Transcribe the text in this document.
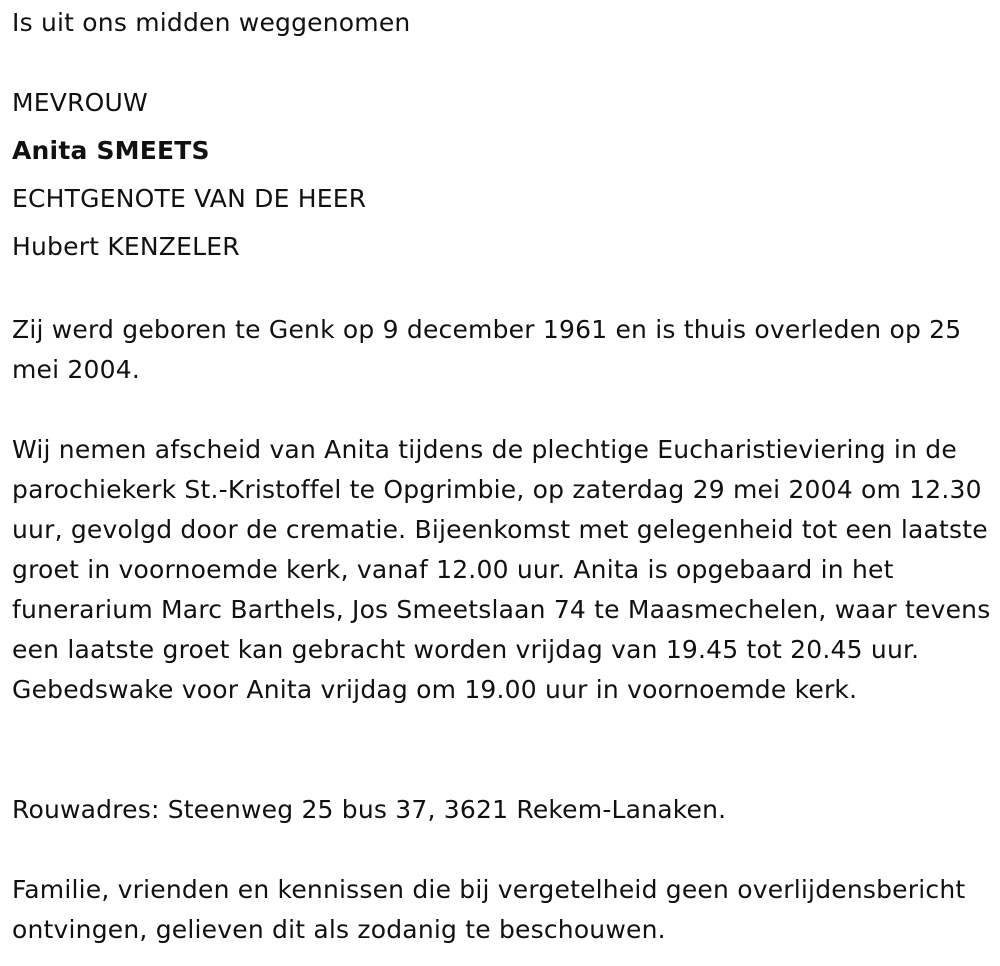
Is uit ons midden weggenomen
MEVROUW
Anita SMEETS
ECHTGENOTE VAN DE HEER
Hubert KENZELER

Zij werd geboren te Genk op 9 december 1961 en is thuis overleden op 25 mei 2004.

Wij nemen afscheid van Anita tijdens de plechtige Eucharistieviering in de parochiekerk St.-Kristoffel te Opgrimbie, op zaterdag 29 mei 2004 om 12.30 uur, gevolgd door de crematie. Bijeenkomst met gelegenheid tot een laatste groet in voornoemde kerk, vanaf 12.00 uur. Anita is opgebaard in het funerarium Marc Barthels, Jos Smeetslaan 74 te Maasmechelen, waar tevens een laatste groet kan gebracht worden vrijdag van 19.45 tot 20.45 uur. Gebedswake voor Anita vrijdag om 19.00 uur in voornoemde kerk.

Rouwadres: Steenweg 25 bus 37, 3621 Rekem-Lanaken.

Familie, vrienden en kennissen die bij vergetelheid geen overlijdensbericht ontvingen, gelieven dit als zodanig te beschouwen.
